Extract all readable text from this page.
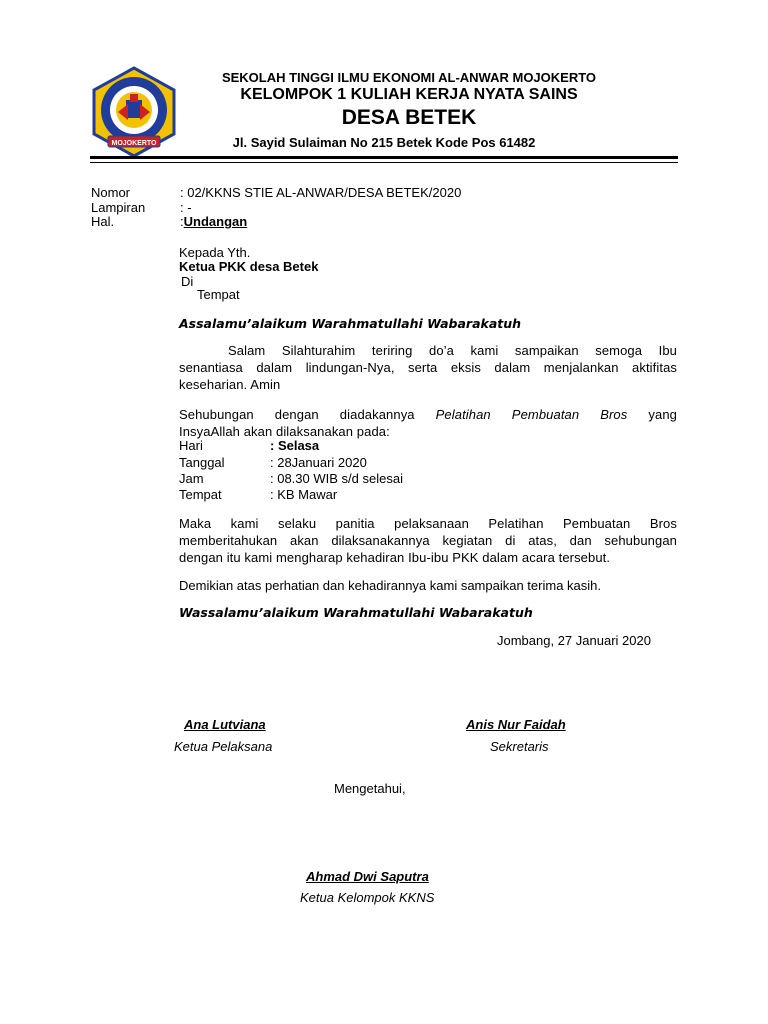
MOJOKERTO
SEKOLAH TINGGI ILMU EKONOMI AL-ANWAR MOJOKERTO
KELOMPOK 1 KULIAH KERJA NYATA SAINS
DESA BETEK
Jl. Sayid Sulaiman No 215 Betek Kode Pos 61482
Nomor	: 02/KKNS STIE AL-ANWAR/DESA BETEK/2020
Lampiran	: -
Hal.	:Undangan
Kepada Yth.
Ketua PKK desa Betek
Di
Tempat
Assalamu’alaikum Warahmatullahi Wabarakatuh
Salam Silahturahim teriring do’a kami sampaikan semoga Ibu
senantiasa dalam lindungan-Nya, serta eksis dalam menjalankan aktifitas
keseharian. Amin
Sehubungan dengan diadakannya Pelatihan Pembuatan Bros yang
InsyaAllah akan dilaksanakan pada:
Hari	: Selasa
Tanggal	: 28Januari 2020
Jam	: 08.30 WIB s/d selesai
Tempat	: KB Mawar
Maka kami selaku panitia pelaksanaan Pelatihan Pembuatan Bros
memberitahukan akan dilaksanakannya kegiatan di atas, dan sehubungan
dengan itu kami mengharap kehadiran Ibu-ibu PKK dalam acara tersebut.
Demikian atas perhatian dan kehadirannya kami sampaikan terima kasih.
Wassalamu’alaikum Warahmatullahi Wabarakatuh
Jombang, 27 Januari 2020
Ana Lutviana
Ketua Pelaksana
Anis Nur Faidah
Sekretaris
Mengetahui,
Ahmad Dwi Saputra
Ketua Kelompok KKNS
